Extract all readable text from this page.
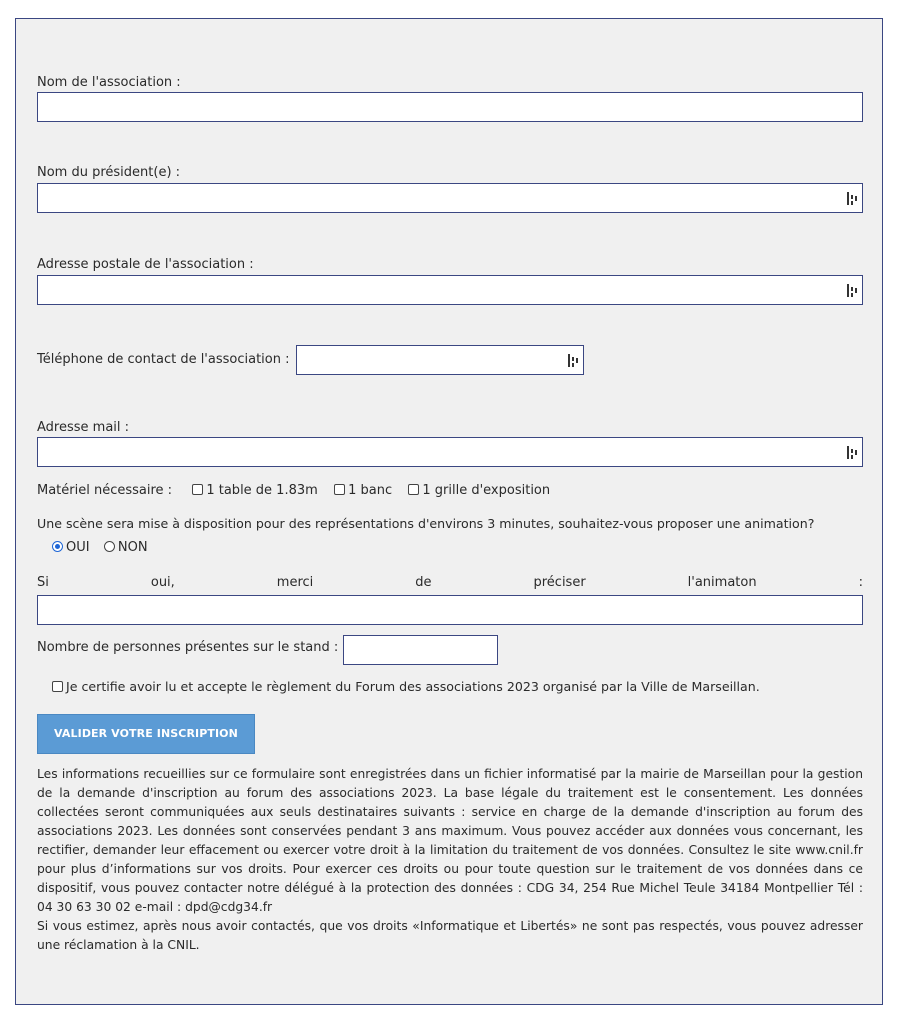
Nom de l'association :
Nom du président(e) :
Adresse postale de l'association :
Téléphone de contact de l'association :
Adresse mail :
Matériel nécessaire :	1 table de 1.83m 1 banc 1 grille d'exposition
Une scène sera mise à disposition pour des représentations d'environs 3 minutes, souhaitez-vous proposer une animation?
OUI NON
Si	oui,	merci	de	préciser	l'animaton	:
Nombre de personnes présentes sur le stand :
Je certifie avoir lu et accepte le règlement du Forum des associations 2023 organisé par la Ville de Marseillan.
VALIDER VOTRE INSCRIPTION

Les informations recueillies sur ce formulaire sont enregistrées dans un fichier informatisé par la mairie de Marseillan pour la gestion de la demande d'inscription au forum des associations 2023. La base légale du traitement est le consentement. Les données collectées seront communiquées aux seuls destinataires suivants : service en charge de la demande d'inscription au forum des associations 2023. Les données sont conservées pendant 3 ans maximum. Vous pouvez accéder aux données vous concernant, les rectifier, demander leur effacement ou exercer votre droit à la limitation du traitement de vos données. Consultez le site www.cnil.fr pour plus d’informations sur vos droits. Pour exercer ces droits ou pour toute question sur le traitement de vos données dans ce dispositif, vous pouvez contacter notre délégué à la protection des données : CDG 34, 254 Rue Michel Teule 34184 Montpellier Tél : 04 30 63 30 02 e-mail : dpd@cdg34.fr

Si vous estimez, après nous avoir contactés, que vos droits «Informatique et Libertés» ne sont pas respectés, vous pouvez adresser une réclamation à la CNIL.
